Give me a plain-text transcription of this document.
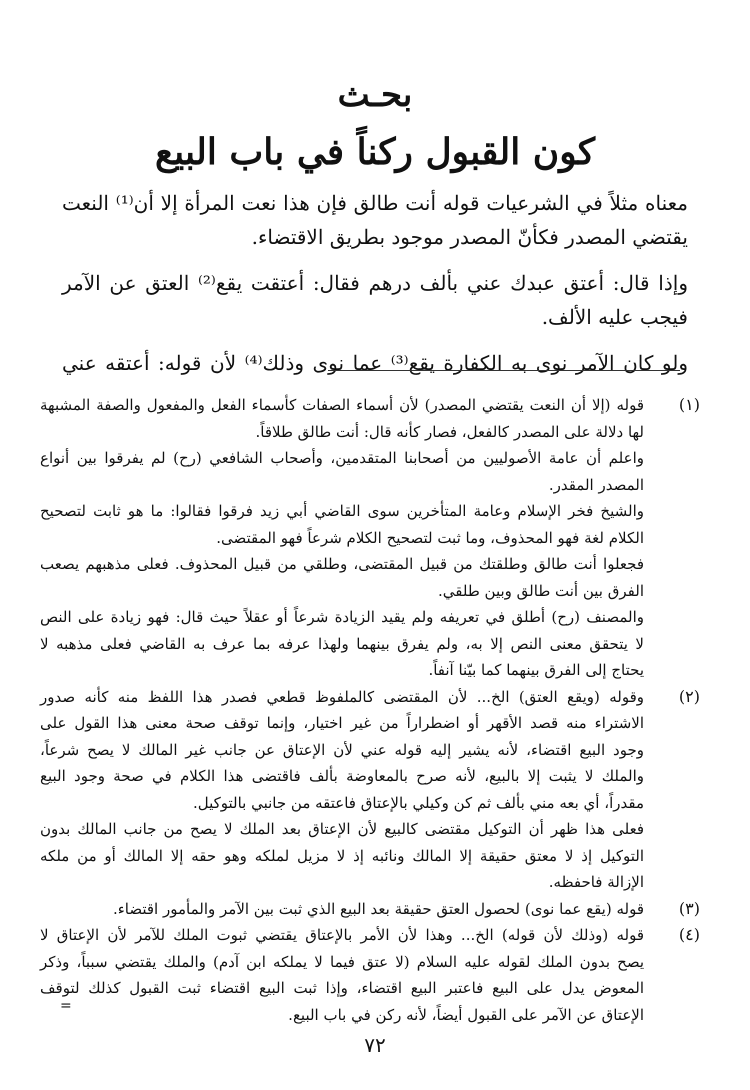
بحـث
كون القبول ركناً في باب البيع
معناه مثلاً في الشرعيات قوله أنت طالق فإن هذا نعت المرأة إلا أن⁽¹⁾ النعت
يقتضي المصدر فكأنّ المصدر موجود بطريق الاقتضاء.
وإذا قال: أعتق عبدك عني بألف درهم فقال: أعتقت يقع⁽²⁾ العتق عن الآمر
فيجب عليه الألف.
ولو كان الآمر نوى به الكفارة يقع⁽³⁾ عما نوى وذلك⁽⁴⁾ لأن قوله: أعتقه عني
(١)
قوله (إلا أن النعت يقتضي المصدر) لأن أسماء الصفات كأسماء الفعل والمفعول والصفة المشبهة
لها دلالة على المصدر كالفعل، فصار كأنه قال: أنت طالق طلاقاً.
واعلم أن عامة الأصوليين من أصحابنا المتقدمين، وأصحاب الشافعي (رح) لم يفرقوا بين أنواع
المصدر المقدر.
والشيخ فخر الإسلام وعامة المتأخرين سوى القاضي أبي زيد فرقوا فقالوا: ما هو ثابت لتصحيح
الكلام لغة فهو المحذوف، وما ثبت لتصحيح الكلام شرعاً فهو المقتضى.
فجعلوا أنت طالق وطلقتك من قبيل المقتضى، وطلقي من قبيل المحذوف. فعلى مذهبهم يصعب
الفرق بين أنت طالق وبين طلقي.
والمصنف (رح) أطلق في تعريفه ولم يقيد الزيادة شرعاً أو عقلاً حيث قال: فهو زيادة على النص
لا يتحقق معنى النص إلا به، ولم يفرق بينهما ولهذا عرفه بما عرف به القاضي فعلى مذهبه لا
يحتاج إلى الفرق بينهما كما بيّنا آنفاً.
(٢)
وقوله (ويقع العتق) الخ... لأن المقتضى كالملفوظ قطعي فصدر هذا اللفظ منه كأنه صدور
الاشتراء منه قصد الأقهر أو اضطراراً من غير اختيار، وإنما توقف صحة معنى هذا القول على
وجود البيع اقتضاء، لأنه يشير إليه قوله عني لأن الإعتاق عن جانب غير المالك لا يصح شرعاً،
والملك لا يثبت إلا بالبيع، لأنه صرح بالمعاوضة بألف فاقتضى هذا الكلام في صحة وجود البيع
مقدراً، أي بعه مني بألف ثم كن وكيلي بالإعتاق فاعتقه من جانبي بالتوكيل.
فعلى هذا ظهر أن التوكيل مقتضى كالبيع لأن الإعتاق بعد الملك لا يصح من جانب المالك بدون
التوكيل إذ لا معتق حقيقة إلا المالك ونائبه إذ لا مزيل لملكه وهو حقه إلا المالك أو من ملكه
الإزالة فاحفظه.
(٣)
قوله (يقع عما نوى) لحصول العتق حقيقة بعد البيع الذي ثبت بين الآمر والمأمور اقتضاء.
(٤)
قوله (وذلك لأن قوله) الخ... وهذا لأن الأمر بالإعتاق يقتضي ثبوت الملك للآمر لأن الإعتاق لا
يصح بدون الملك لقوله عليه السلام (لا عتق فيما لا يملكه ابن آدم) والملك يقتضي سبباً، وذكر
المعوض يدل على البيع فاعتبر البيع اقتضاء، وإذا ثبت البيع اقتضاء ثبت القبول كذلك لتوقف
الإعتاق عن الآمر على القبول أيضاً، لأنه ركن في باب البيع.
=
٧٢
